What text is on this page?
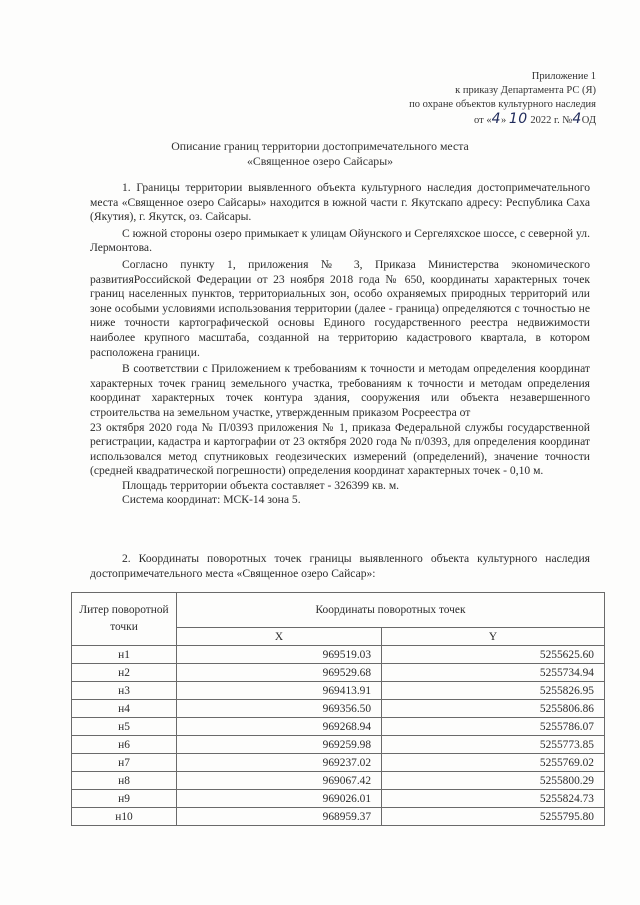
Приложение 1
к приказу Департамента РС (Я)
по охране объектов культурного наследия
от «4» 10 2022 г. №4ОД
Описание границ территории достопримечательного места
«Священное озеро Сайсары»

1. Границы территории выявленного объекта культурного наследия достопримечательного места «Священное озеро Сайсары» находится в южной части г. Якутскапо адресу: Республика Саха (Якутия), г. Якутск, оз. Сайсары.

С южной стороны озеро примыкает к улицам Ойунского и Сергеляхское шоссе, с северной ул. Лермонтова.

Согласно пункту 1, приложения № 3, Приказа Министерства экономического развитияРоссийской Федерации от 23 ноября 2018 года № 650, координаты характерных точек границ населенных пунктов, территориальных зон, особо охраняемых природных территорий или зоне особыми условиями использования территории (далее - граница) определяются с точностью не ниже точности картографической основы Единого государственного реестра недвижимости наиболее крупного масштаба, созданной на территорию кадастрового квартала, в котором расположена граници.

В соответствии с Приложением к требованиям к точности и методам определения координат характерных точек границ земельного участка, требованиям к точности и методам определения координат характерных точек контура здания, сооружения или объекта незавершенного строительства на земельном участке, утвержденным приказом Росреестра от

23 октября 2020 года № П/0393 приложения № 1, приказа Федеральной службы государственной регистрации, кадастра и картографии от 23 октября 2020 года № п/0393, для определения координат использовался метод спутниковых геодезических измерений (определений), значение точности (средней квадратической погрешности) определения координат характерных точек - 0,10 м.

Площадь территории объекта составляет - 326399 кв. м.

Система координат: МСК-14 зона 5.

2. Координаты поворотных точек границы выявленного объекта культурного наследия достопримечательного места «Священное озеро Сайсар»:
Литер поворотной точки	Координаты поворотных точек	
	X	Y
н1	969519.03	5255625.60
н2	969529.68	5255734.94
н3	969413.91	5255826.95
н4	969356.50	5255806.86
н5	969268.94	5255786.07
н6	969259.98	5255773.85
н7	969237.02	5255769.02
н8	969067.42	5255800.29
н9	969026.01	5255824.73
н10	968959.37	5255795.80
